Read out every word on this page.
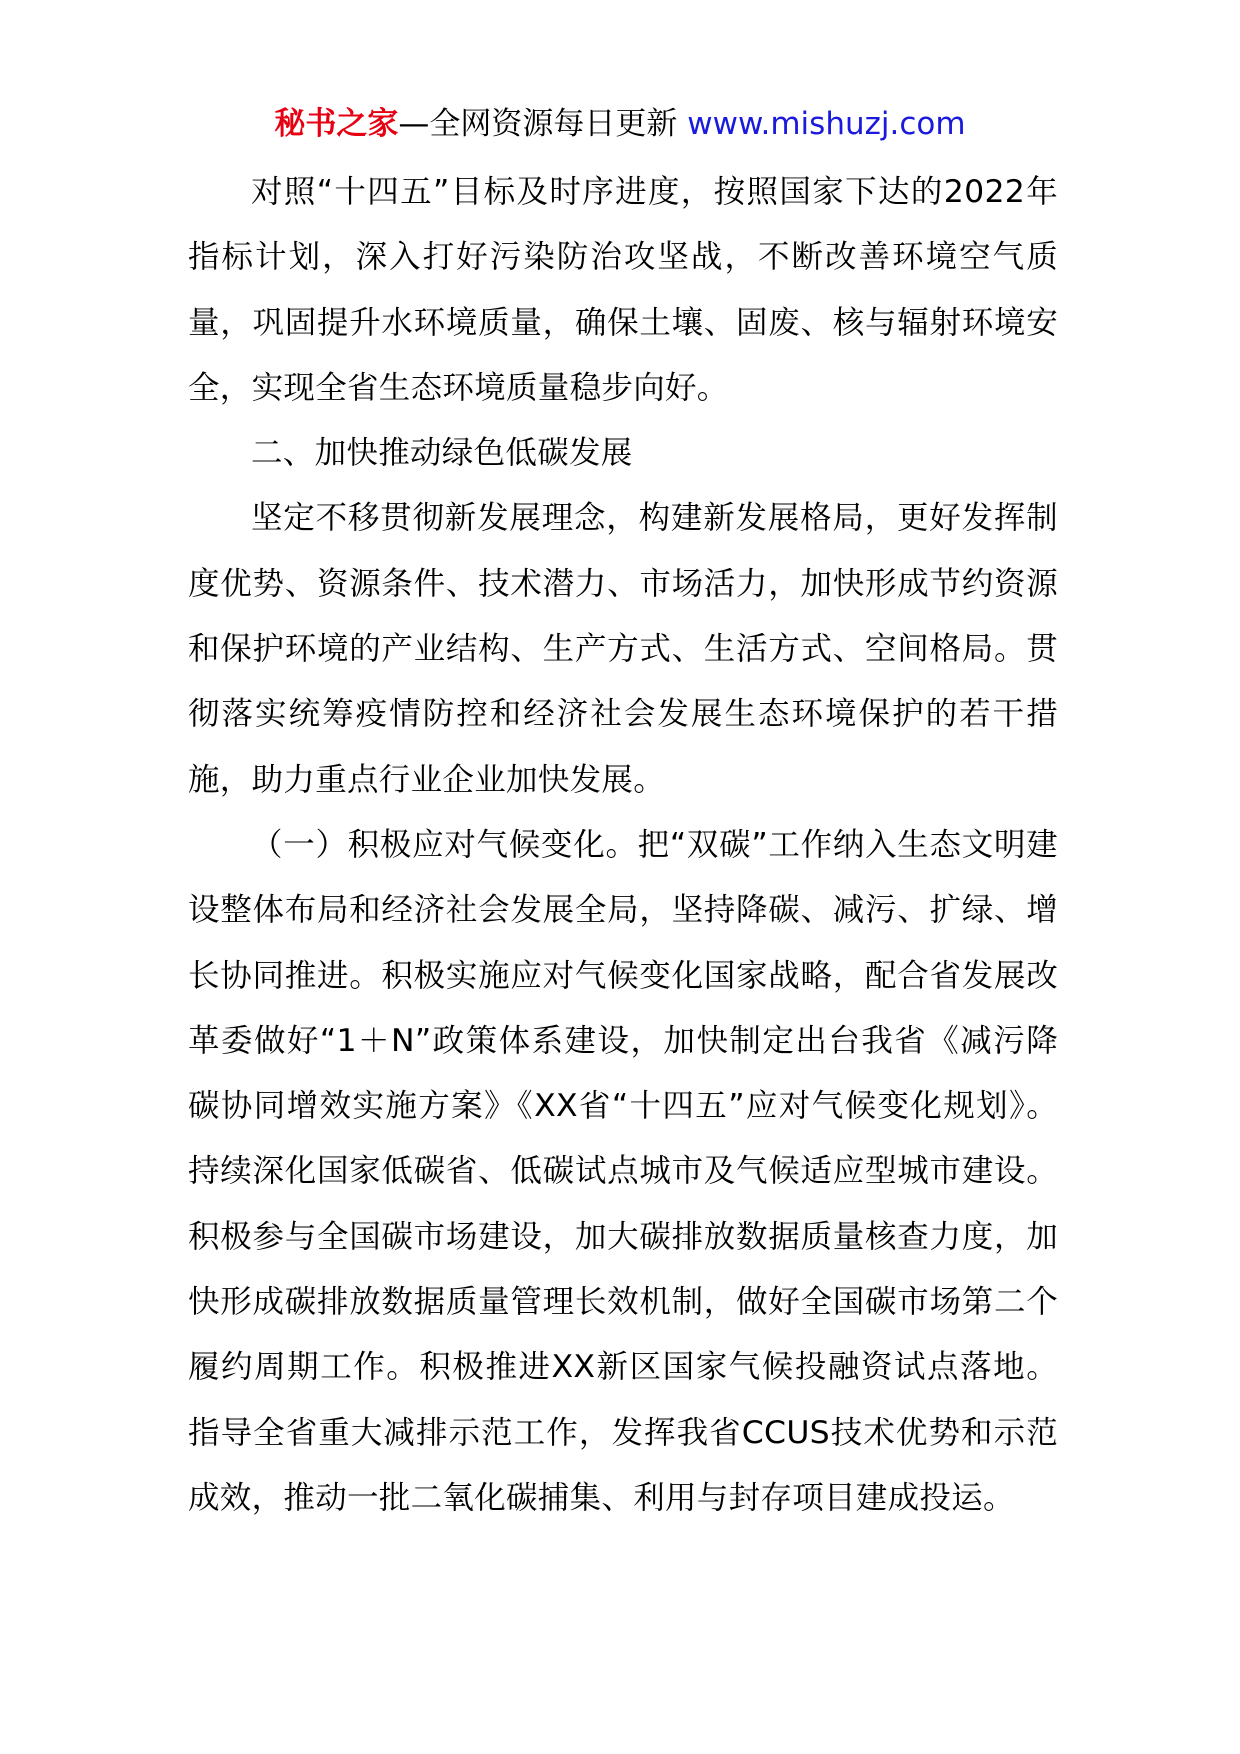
秘书之家—全网资源每日更新 www.mishuzj.com

对照“十四五”目标及时序进度，按照国家下达的2022年指标计划，深入打好污染防治攻坚战，不断改善环境空气质量，巩固提升水环境质量，确保土壤、固废、核与辐射环境安全，实现全省生态环境质量稳步向好。

二、加快推动绿色低碳发展

坚定不移贯彻新发展理念，构建新发展格局，更好发挥制度优势、资源条件、技术潜力、市场活力，加快形成节约资源和保护环境的产业结构、生产方式、生活方式、空间格局。贯彻落实统筹疫情防控和经济社会发展生态环境保护的若干措施，助力重点行业企业加快发展。

（一）积极应对气候变化。把“双碳”工作纳入生态文明建设整体布局和经济社会发展全局，坚持降碳、减污、扩绿、增长协同推进。积极实施应对气候变化国家战略，配合省发展改革委做好“1＋N”政策体系建设，加快制定出台我省《减污降碳协同增效实施方案》《XX省“十四五”应对气候变化规划》。持续深化国家低碳省、低碳试点城市及气候适应型城市建设。积极参与全国碳市场建设，加大碳排放数据质量核查力度，加快形成碳排放数据质量管理长效机制，做好全国碳市场第二个履约周期工作。积极推进XX新区国家气候投融资试点落地。指导全省重大减排示范工作，发挥我省CCUS技术优势和示范成效，推动一批二氧化碳捕集、利用与封存项目建成投运。
